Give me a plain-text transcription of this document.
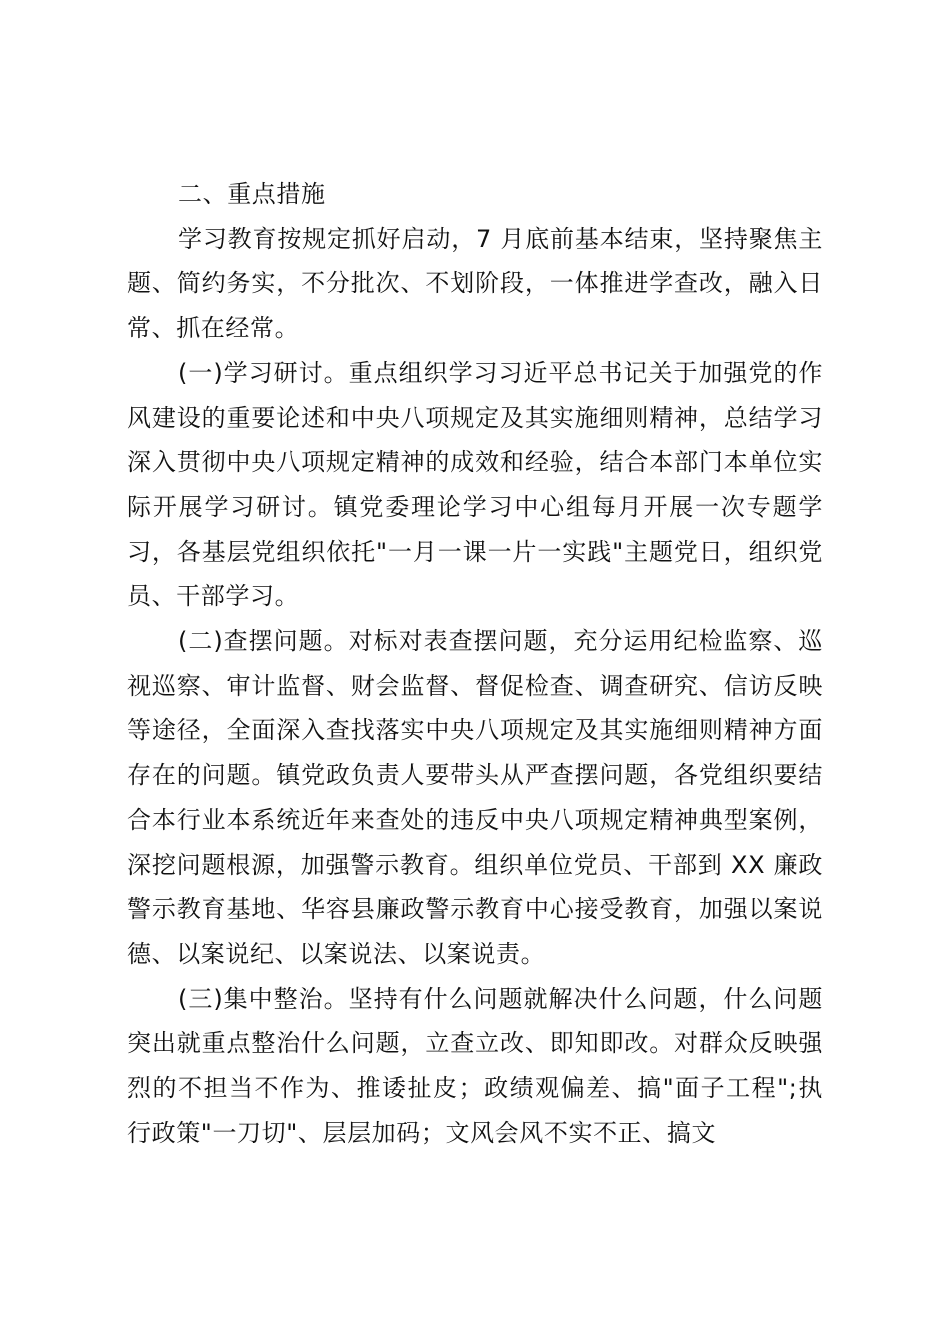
二、重点措施

学习教育按规定抓好启动，7 月底前基本结束，坚持聚焦主题、简约务实，不分批次、不划阶段，一体推进学查改，融入日常、抓在经常。

(一)学习研讨。重点组织学习习近平总书记关于加强党的作风建设的重要论述和中央八项规定及其实施细则精神，总结学习深入贯彻中央八项规定精神的成效和经验，结合本部门本单位实际开展学习研讨。镇党委理论学习中心组每月开展一次专题学习，各基层党组织依托"一月一课一片一实践"主题党日，组织党员、干部学习。

(二)查摆问题。对标对表查摆问题，充分运用纪检监察、巡视巡察、审计监督、财会监督、督促检查、调查研究、信访反映等途径，全面深入查找落实中央八项规定及其实施细则精神方面存在的问题。镇党政负责人要带头从严查摆问题，各党组织要结合本行业本系统近年来查处的违反中央八项规定精神典型案例，深挖问题根源，加强警示教育。组织单位党员、干部到 XX 廉政警示教育基地、华容县廉政警示教育中心接受教育，加强以案说德、以案说纪、以案说法、以案说责。

(三)集中整治。坚持有什么问题就解决什么问题，什么问题突出就重点整治什么问题，立查立改、即知即改。对群众反映强烈的不担当不作为、推诿扯皮；政绩观偏差、搞"面子工程";执行政策"一刀切"、层层加码；文风会风不实不正、搞文
